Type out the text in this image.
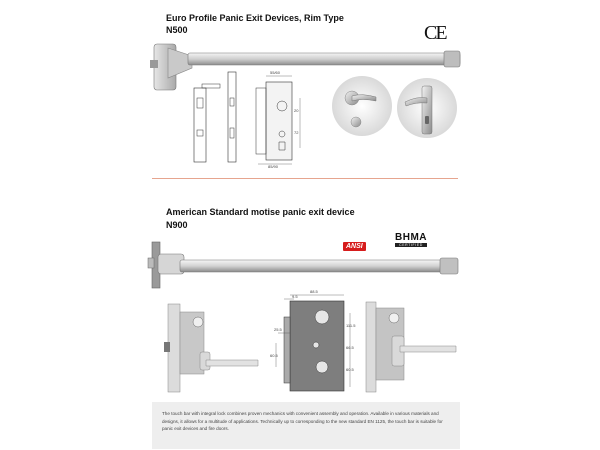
Euro Profile Panic Exit Devices, Rim Type
N500	CE
55/60
85/90
20
72
American Standard motise panic exit device
N900
ANSI
BHMA
CERTIFIED
88.5
9.5
25.5
60.5
111.5
66.5
60.5

The touch bar with integral lock combines proven mechanics with convenient assembly and operation. Available in various materials and designs, it allows for a multitude of applications. Technically up to corresponding to the new standard EN 1125, the touch bar is suitable for panic exit devices and fire doors.
